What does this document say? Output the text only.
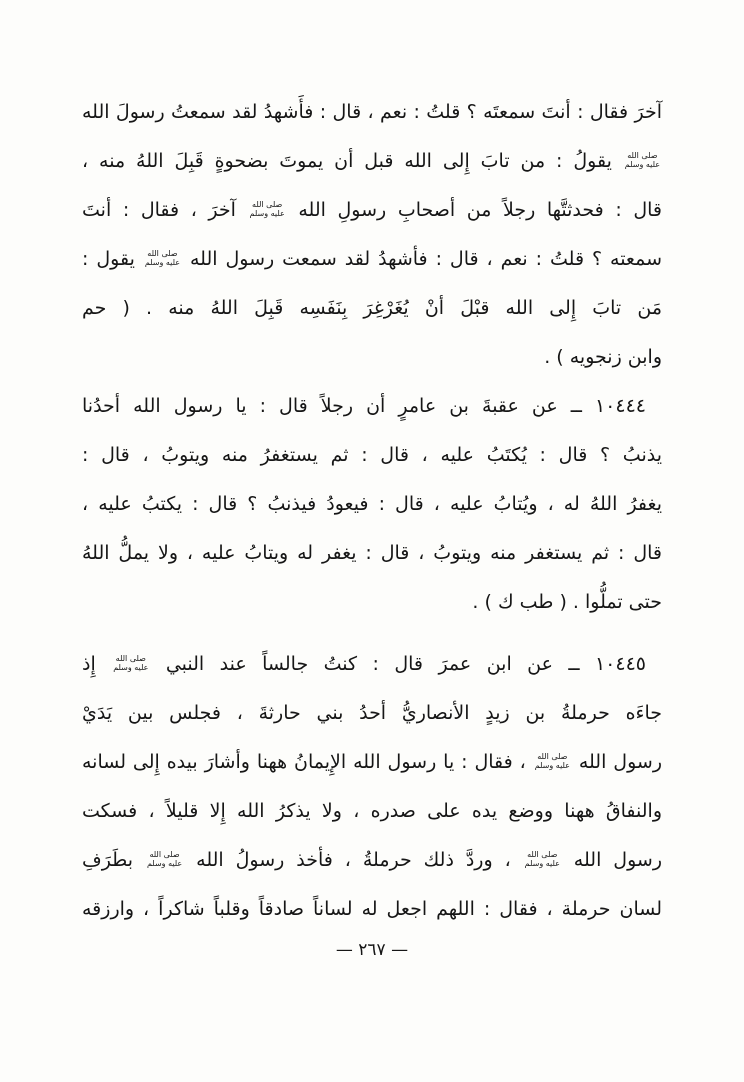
آخرَ فقال : أنتَ سمعتَه ؟ قلتُ : نعم ، قال : فأَشهدُ لقد سمعتُ رسولَ الله
صلى الله
عليه وسلم
يقولُ : من تابَ إِلى الله قبل أن يموتَ بضحوةٍ قَبِلَ اللهُ منه ،
قال : فحدثتَّها رجلاً من أصحابِ رسولِ الله
صلى الله
عليه وسلم
آخرَ ، فقال : أنتَ
سمعته ؟ قلتُ : نعم ، قال : فأشهدُ لقد سمعت رسول الله
صلى الله
عليه وسلم
يقول :
مَن تابَ إِلى الله قبْلَ أنْ يُغَرْغِرَ بِنَفَسِه قَبِلَ اللهُ منه . ( حم
وابن زنجويه ) .
١٠٤٤٤ ــ عن عقبةَ بن عامرٍ أن رجلاً قال : يا رسول الله أحدُنا
يذنبُ ؟ قال : يُكتَبُ عليه ، قال : ثم يستغفرُ منه ويتوبُ ، قال :
يغفرُ اللهُ له ، ويُتابُ عليه ، قال : فيعودُ فيذنبُ ؟ قال : يكتبُ عليه ،
قال : ثم يستغفر منه ويتوبُ ، قال : يغفر له ويتابُ عليه ، ولا يملُّ اللهُ
حتى تملُّوا . ( طب ك ) .
١٠٤٤٥ ــ عن ابن عمرَ قال : كنتُ جالساً عند النبي
صلى الله
عليه وسلم
إِذ
جاءَه حرملةُ بن زيدٍ الأنصاريُّ أحدُ بني حارثةَ ، فجلس بين يَدَيْ
رسول الله
صلى الله
عليه وسلم
، فقال : يا رسول الله الإِيمانُ ههنا وأشارَ بيده إِلى لسانه
والنفاقُ ههنا ووضع يده على صدره ، ولا يذكرُ الله إِلا قليلاً ، فسكت
رسول الله
صلى الله
عليه وسلم
، وردَّ ذلك حرملةُ ، فأخذ رسولُ الله
صلى الله
عليه وسلم
بطَرَفِ
لسان حرملة ، فقال : اللهم اجعل له لساناً صادقاً وقلباً شاكراً ، وارزقه
— ٢٦٧ —
